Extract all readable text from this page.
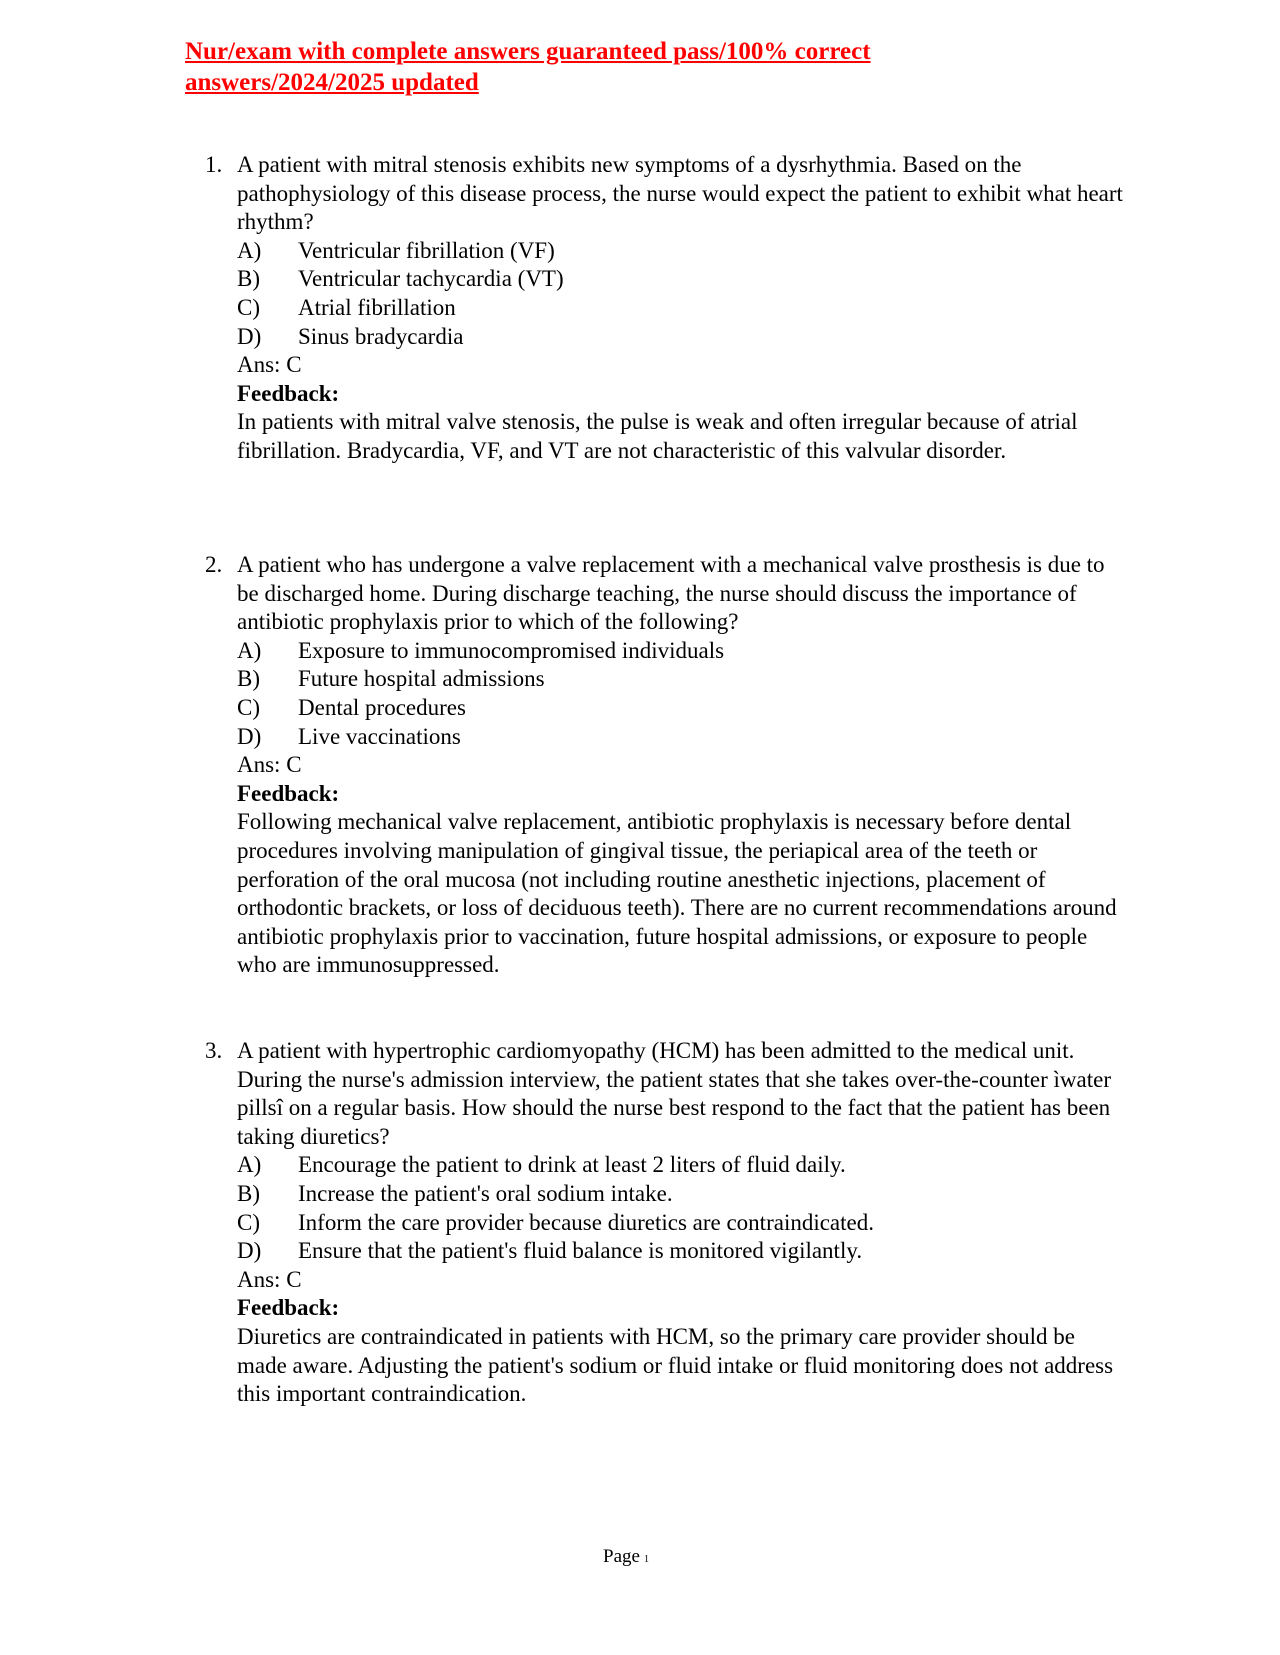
Nur/exam with complete answers guaranteed pass/100% correct answers/2024/2025 updated
1. A patient with mitral stenosis exhibits new symptoms of a dysrhythmia. Based on the pathophysiology of this disease process, the nurse would expect the patient to exhibit what heart rhythm?
A)	Ventricular fibrillation (VF)
B)	Ventricular tachycardia (VT)
C)	Atrial fibrillation
D)	Sinus bradycardia
Ans: C
Feedback:
In patients with mitral valve stenosis, the pulse is weak and often irregular because of atrial fibrillation. Bradycardia, VF, and VT are not characteristic of this valvular disorder.
2. A patient who has undergone a valve replacement with a mechanical valve prosthesis is due to be discharged home. During discharge teaching, the nurse should discuss the importance of antibiotic prophylaxis prior to which of the following?
A)	Exposure to immunocompromised individuals
B)	Future hospital admissions
C)	Dental procedures
D)	Live vaccinations
Ans: C
Feedback:
Following mechanical valve replacement, antibiotic prophylaxis is necessary before dental procedures involving manipulation of gingival tissue, the periapical area of the teeth or perforation of the oral mucosa (not including routine anesthetic injections, placement of orthodontic brackets, or loss of deciduous teeth). There are no current recommendations around antibiotic prophylaxis prior to vaccination, future hospital admissions, or exposure to people who are immunosuppressed.
3. A patient with hypertrophic cardiomyopathy (HCM) has been admitted to the medical unit. During the nurse's admission interview, the patient states that she takes over-the-counter ìwater pillsî on a regular basis. How should the nurse best respond to the fact that the patient has been taking diuretics?
A)	Encourage the patient to drink at least 2 liters of fluid daily.
B)	Increase the patient's oral sodium intake.
C)	Inform the care provider because diuretics are contraindicated.
D)	Ensure that the patient's fluid balance is monitored vigilantly.
Ans: C
Feedback:
Diuretics are contraindicated in patients with HCM, so the primary care provider should be made aware. Adjusting the patient's sodium or fluid intake or fluid monitoring does not address this important contraindication.
Page 1
